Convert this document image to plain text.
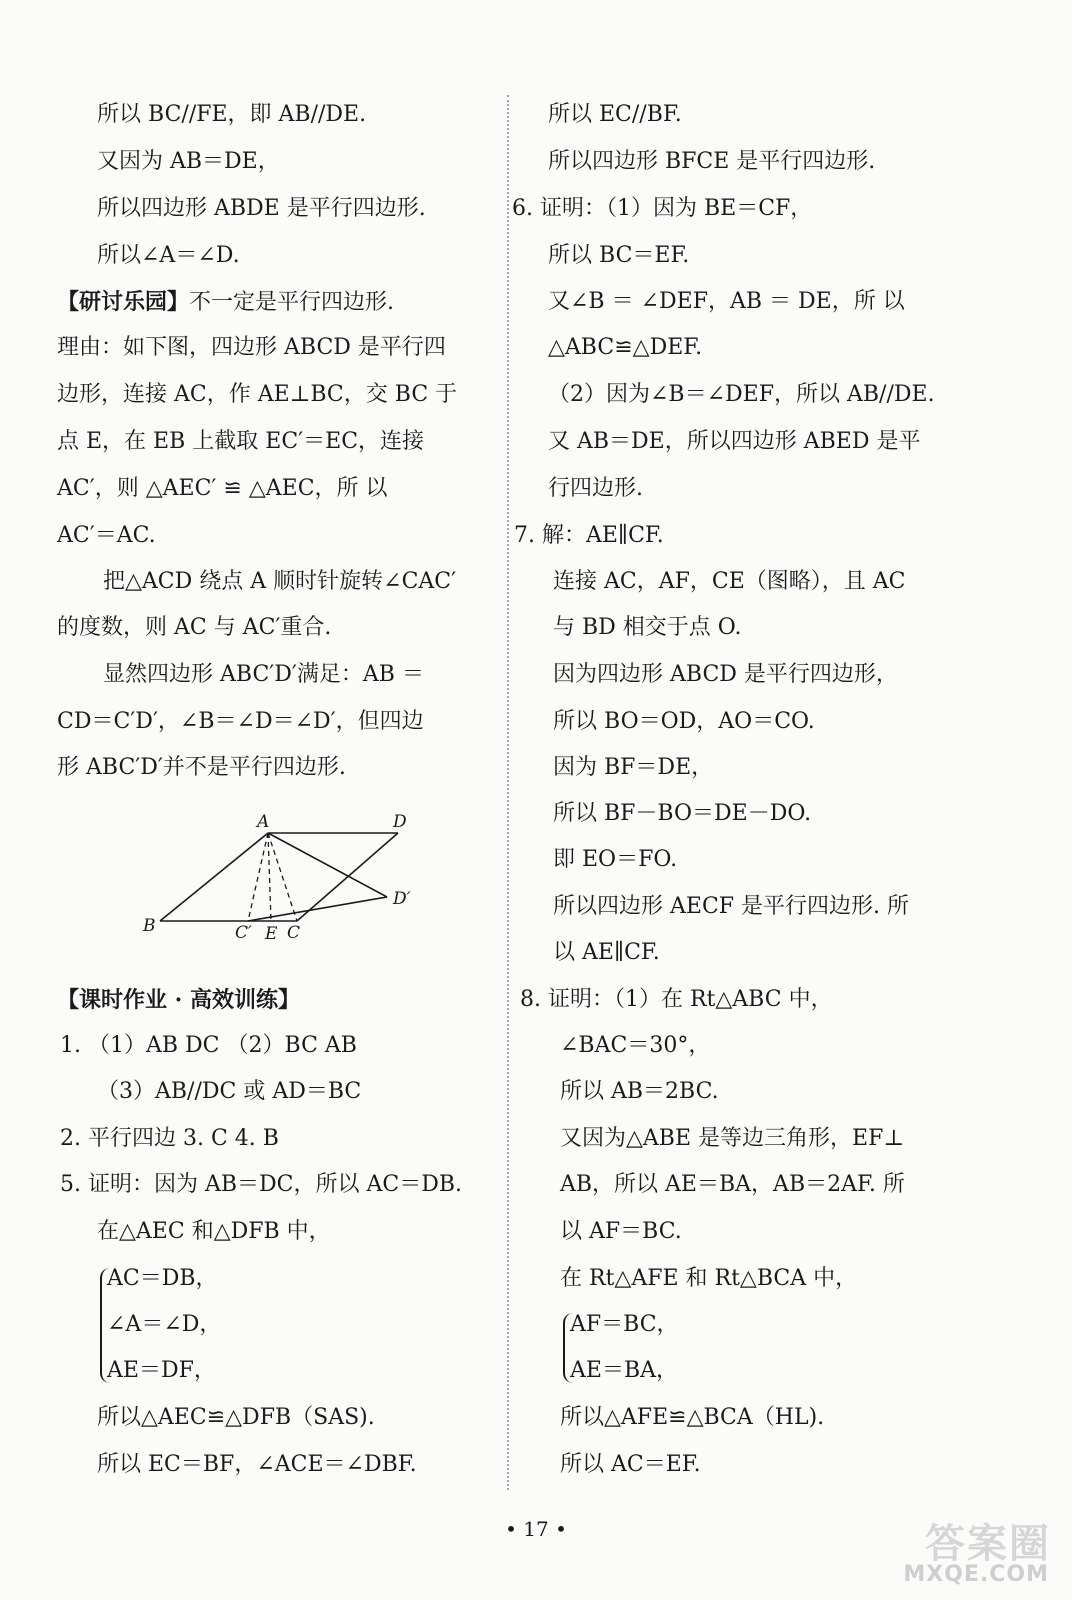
所以 BC//FE，即 AB//DE.
又因为 AB＝DE，
所以四边形 ABDE 是平行四边形.
所以∠A＝∠D.
【研讨乐园】不一定是平行四边形.
理由：如下图，四边形 ABCD 是平行四
边形，连接 AC，作 AE⊥BC，交 BC 于
点 E，在 EB 上截取 EC′＝EC，连接
AC′，则 △AEC′ ≌ △AEC，所 以
AC′＝AC.
把△ACD 绕点 A 顺时针旋转∠CAC′
的度数，则 AC 与 AC′重合.
显然四边形 ABC′D′满足：AB ＝
CD＝C′D′，∠B＝∠D＝∠D′，但四边
形 ABC′D′并不是平行四边形.
【课时作业 · 高效训练】
1. （1）AB DC （2）BC AB
（3）AB//DC 或 AD＝BC
2. 平行四边 3. C 4. B
5. 证明：因为 AB＝DC，所以 AC＝DB.
在△AEC 和△DFB 中，
AC＝DB，
∠A＝∠D，
AE＝DF，
所以△AEC≌△DFB（SAS).
所以 EC＝BF，∠ACE＝∠DBF.
所以 EC//BF.
所以四边形 BFCE 是平行四边形.
6. 证明：（1）因为 BE＝CF，
所以 BC＝EF.
又∠B ＝ ∠DEF，AB ＝ DE，所 以
△ABC≌△DEF.
（2）因为∠B＝∠DEF，所以 AB//DE.
又 AB＝DE，所以四边形 ABED 是平
行四边形.
7. 解：AE∥CF.
连接 AC，AF，CE（图略），且 AC
与 BD 相交于点 O.
因为四边形 ABCD 是平行四边形，
所以 BO＝OD，AO＝CO.
因为 BF＝DE，
所以 BF－BO＝DE－DO.
即 EO＝FO.
所以四边形 AECF 是平行四边形. 所
以 AE∥CF.
8. 证明：（1）在 Rt△ABC 中，
∠BAC＝30°，
所以 AB＝2BC.
又因为△ABE 是等边三角形，EF⊥
AB，所以 AE＝BA，AB＝2AF. 所
以 AF＝BC.
在 Rt△AFE 和 Rt△BCA 中，
AF＝BC，
AE＝BA，
所以△AFE≌△BCA（HL).
所以 AC＝EF.
A	D
D′
B	C′ E C
• 17 •	答案圈
MXQE.COM
